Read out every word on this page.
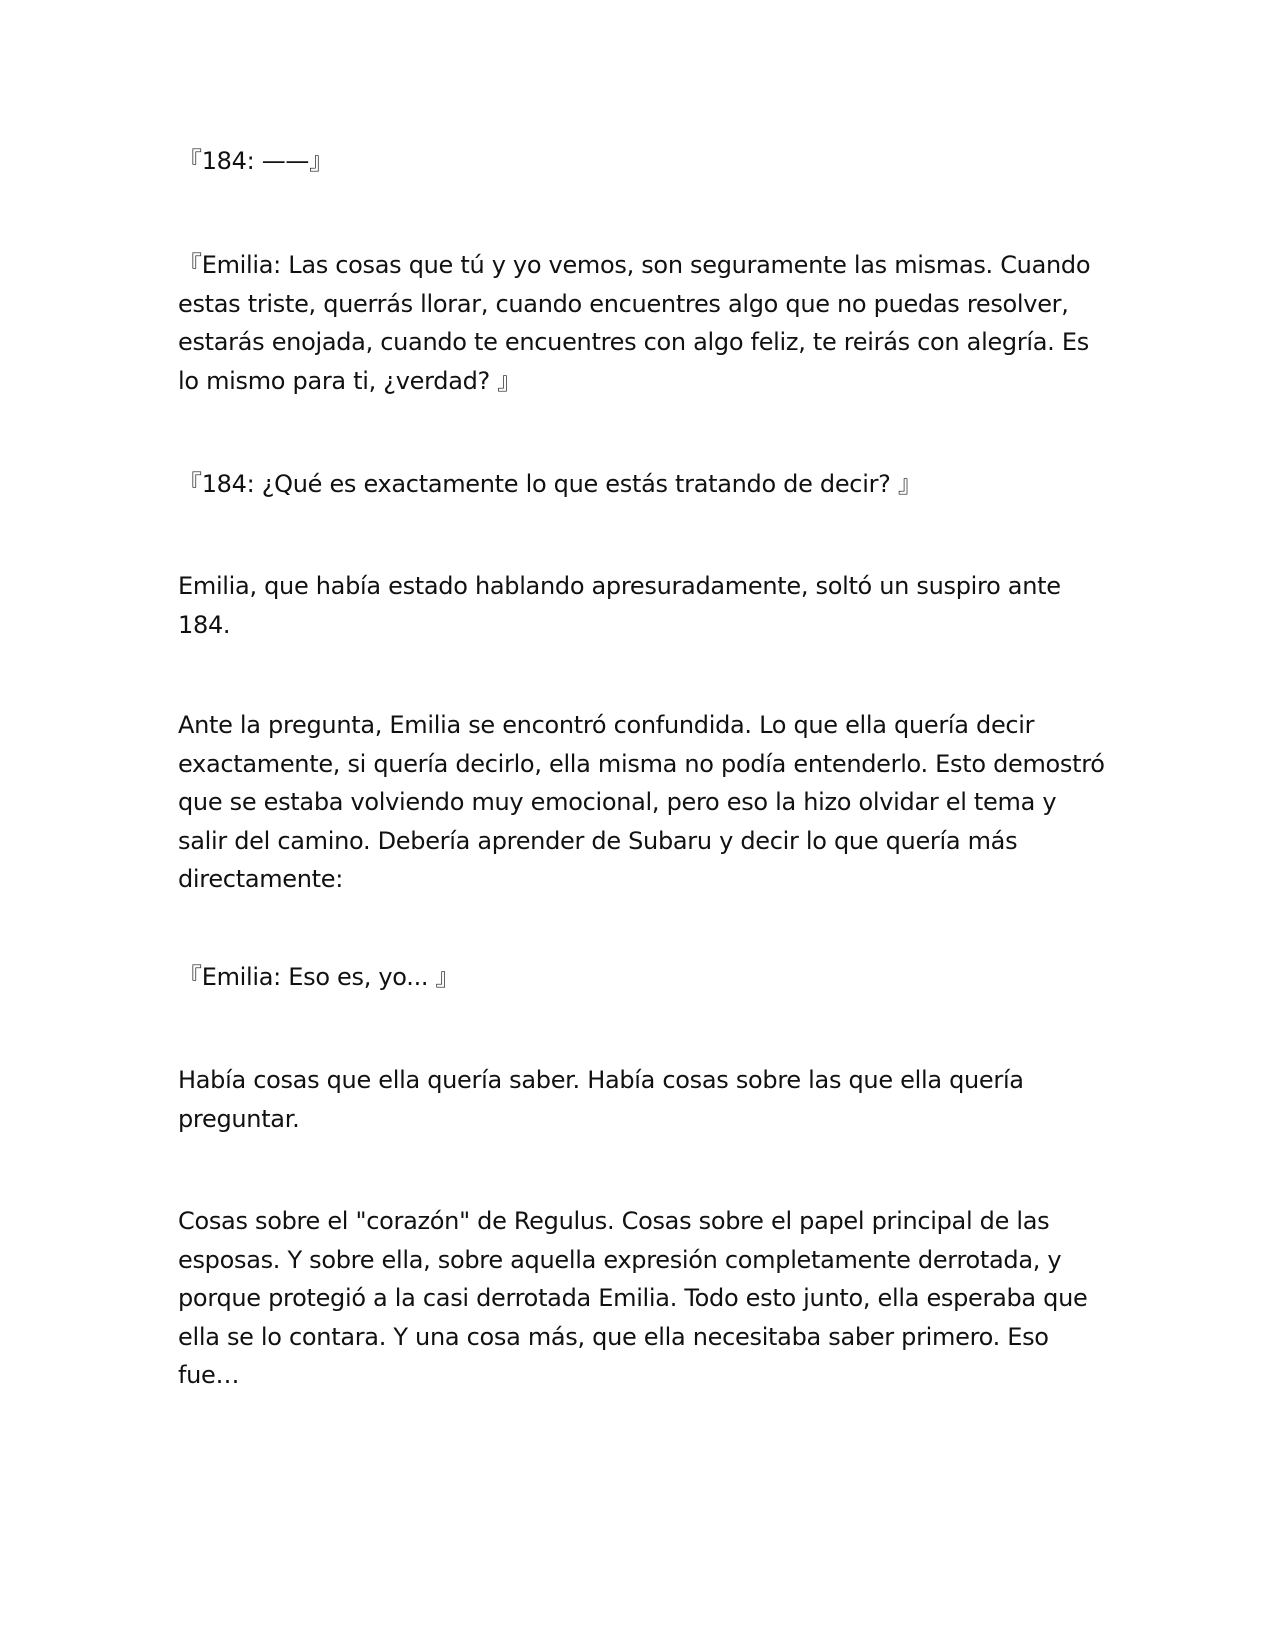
『184: ——』

『Emilia: Las cosas que tú y yo vemos, son seguramente las mismas. Cuando estas triste, querrás llorar, cuando encuentres algo que no puedas resolver, estarás enojada, cuando te encuentres con algo feliz, te reirás con alegría. Es lo mismo para ti, ¿verdad? 』

『184: ¿Qué es exactamente lo que estás tratando de decir? 』

Emilia, que había estado hablando apresuradamente, soltó un suspiro ante 184.

Ante la pregunta, Emilia se encontró confundida. Lo que ella quería decir exactamente, si quería decirlo, ella misma no podía entenderlo. Esto demostró que se estaba volviendo muy emocional, pero eso la hizo olvidar el tema y salir del camino. Debería aprender de Subaru y decir lo que quería más directamente:

『Emilia: Eso es, yo... 』

Había cosas que ella quería saber. Había cosas sobre las que ella quería preguntar.

Cosas sobre el "corazón" de Regulus. Cosas sobre el papel principal de las esposas. Y sobre ella, sobre aquella expresión completamente derrotada, y porque protegió a la casi derrotada Emilia. Todo esto junto, ella esperaba que ella se lo contara. Y una cosa más, que ella necesitaba saber primero. Eso fue…
